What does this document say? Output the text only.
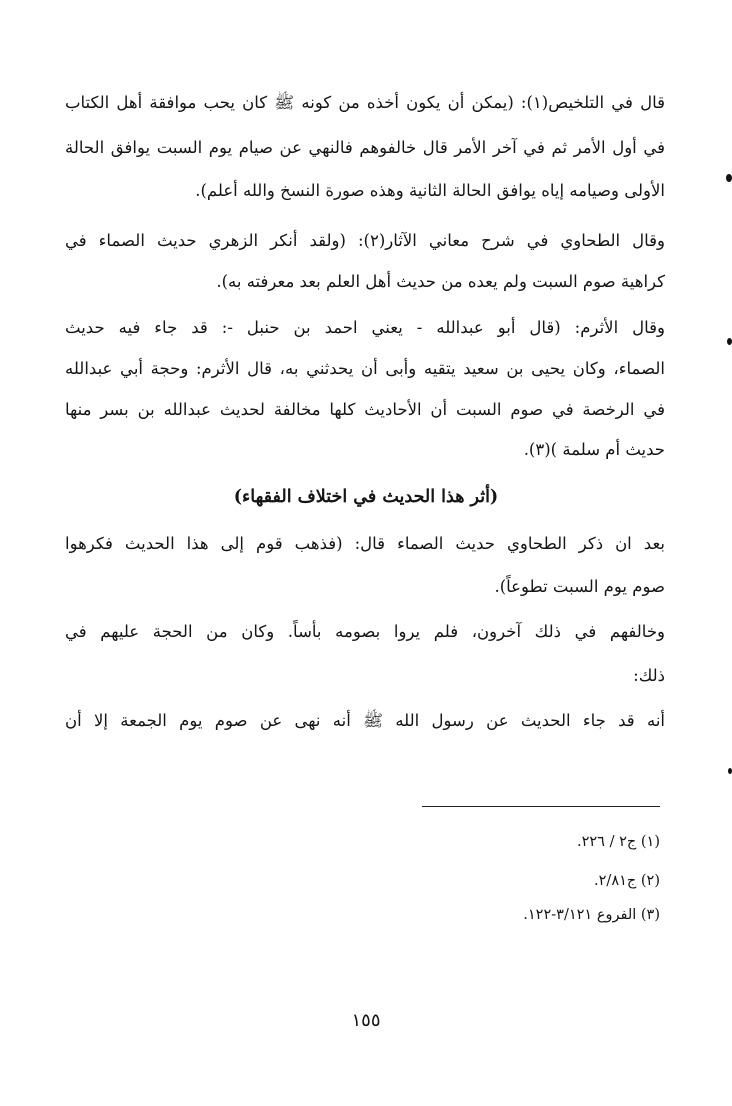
قال في التلخيص(١): (يمكن أن يكون أخذه من كونه ﷺ كان يحب موافقة أهل الكتاب
في أول الأمر ثم في آخر الأمر قال خالفوهم فالنهي عن صيام يوم السبت يوافق الحالة
الأولى وصيامه إياه يوافق الحالة الثانية وهذه صورة النسخ والله أعلم).
وقال الطحاوي في شرح معاني الآثار(٢): (ولقد أنكر الزهري حديث الصماء في
كراهية صوم السبت ولم يعده من حديث أهل العلم بعد معرفته به).
وقال الأثرم: (قال أبو عبدالله - يعني احمد بن حنبل -: قد جاء فيه حديث
الصماء، وكان يحيى بن سعيد يتقيه وأبى أن يحدثني به، قال الأثرم: وحجة أبي عبدالله
في الرخصة في صوم السبت أن الأحاديث كلها مخالفة لحديث عبدالله بن بسر منها
حديث أم سلمة )(٣).
(أثر هذا الحديث في اختلاف الفقهاء)
بعد ان ذكر الطحاوي حديث الصماء قال: (فذهب قوم إلى هذا الحديث فكرهوا
صوم يوم السبت تطوعاً).
وخالفهم في ذلك آخرون، فلم يروا بصومه بأساً. وكان من الحجة عليهم في
ذلك:
أنه قد جاء الحديث عن رسول الله ﷺ أنه نهى عن صوم يوم الجمعة إلا أن
(١) ج٢ / ٢٢٦.
(٢) ج٢/٨١.
(٣) الفروع ٣/١٢١-١٢٢.
١٥٥
